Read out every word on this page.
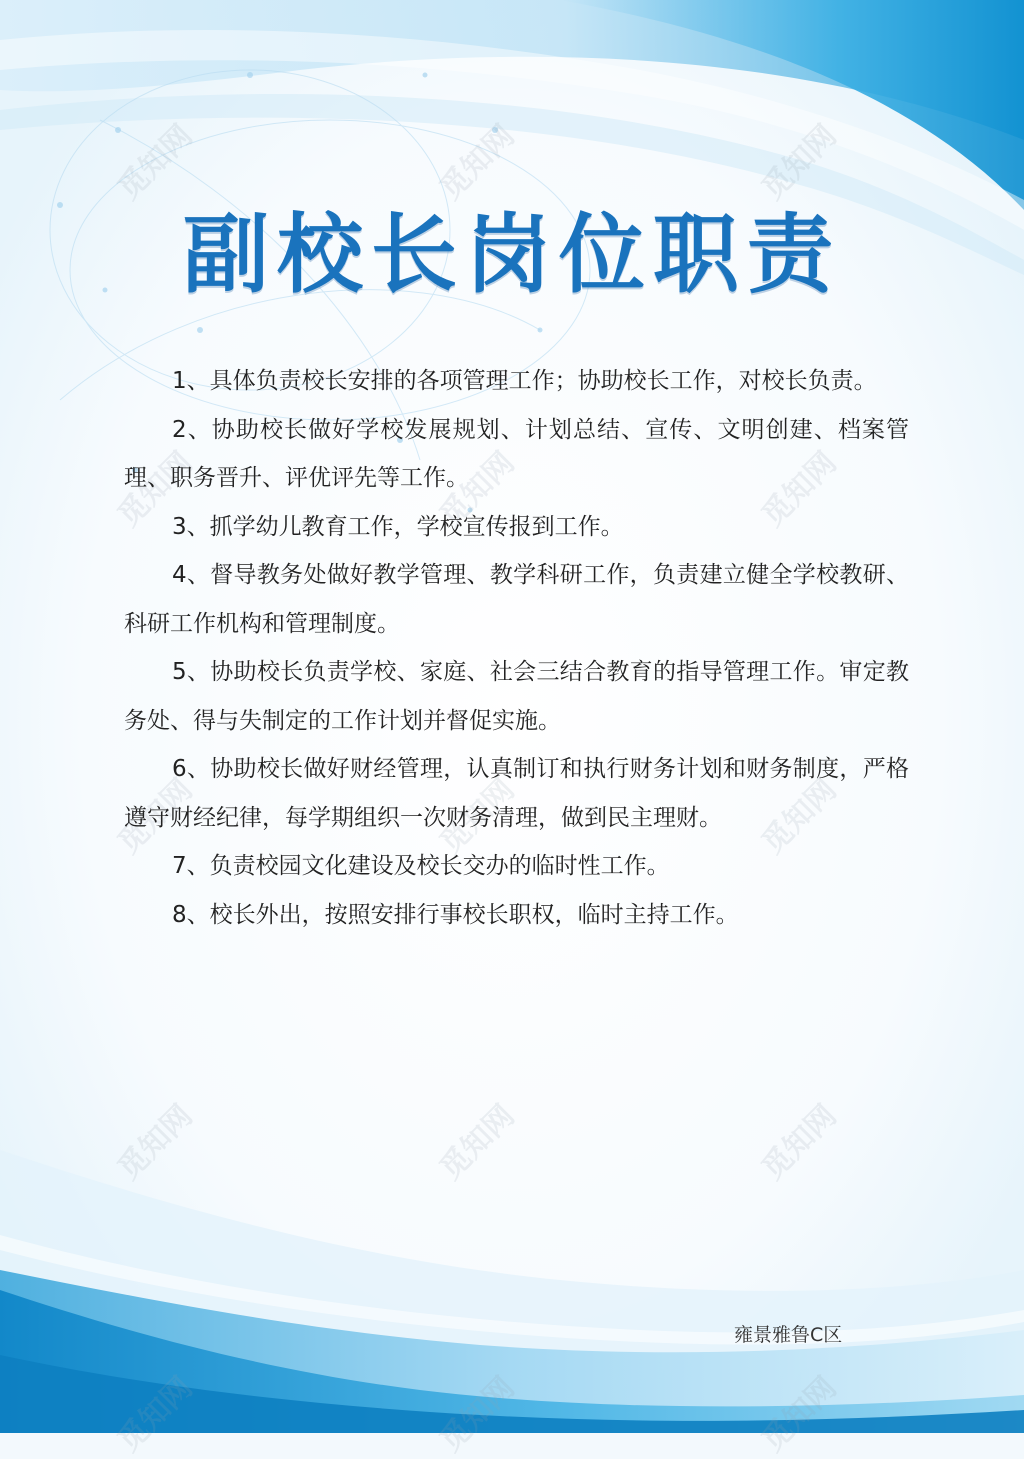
副校长岗位职责
1、具体负责校长安排的各项管理工作；协助校长工作，对校长负责。
2、协助校长做好学校发展规划、计划总结、宣传、文明创建、档案管理、职务晋升、评优评先等工作。
3、抓学幼儿教育工作，学校宣传报到工作。
4、督导教务处做好教学管理、教学科研工作，负责建立健全学校教研、科研工作机构和管理制度。
5、协助校长负责学校、家庭、社会三结合教育的指导管理工作。审定教务处、得与失制定的工作计划并督促实施。
6、协助校长做好财经管理，认真制订和执行财务计划和财务制度，严格遵守财经纪律，每学期组织一次财务清理，做到民主理财。
7、负责校园文化建设及校长交办的临时性工作。
8、校长外出，按照安排行事校长职权，临时主持工作。

雍景雅鲁C区
